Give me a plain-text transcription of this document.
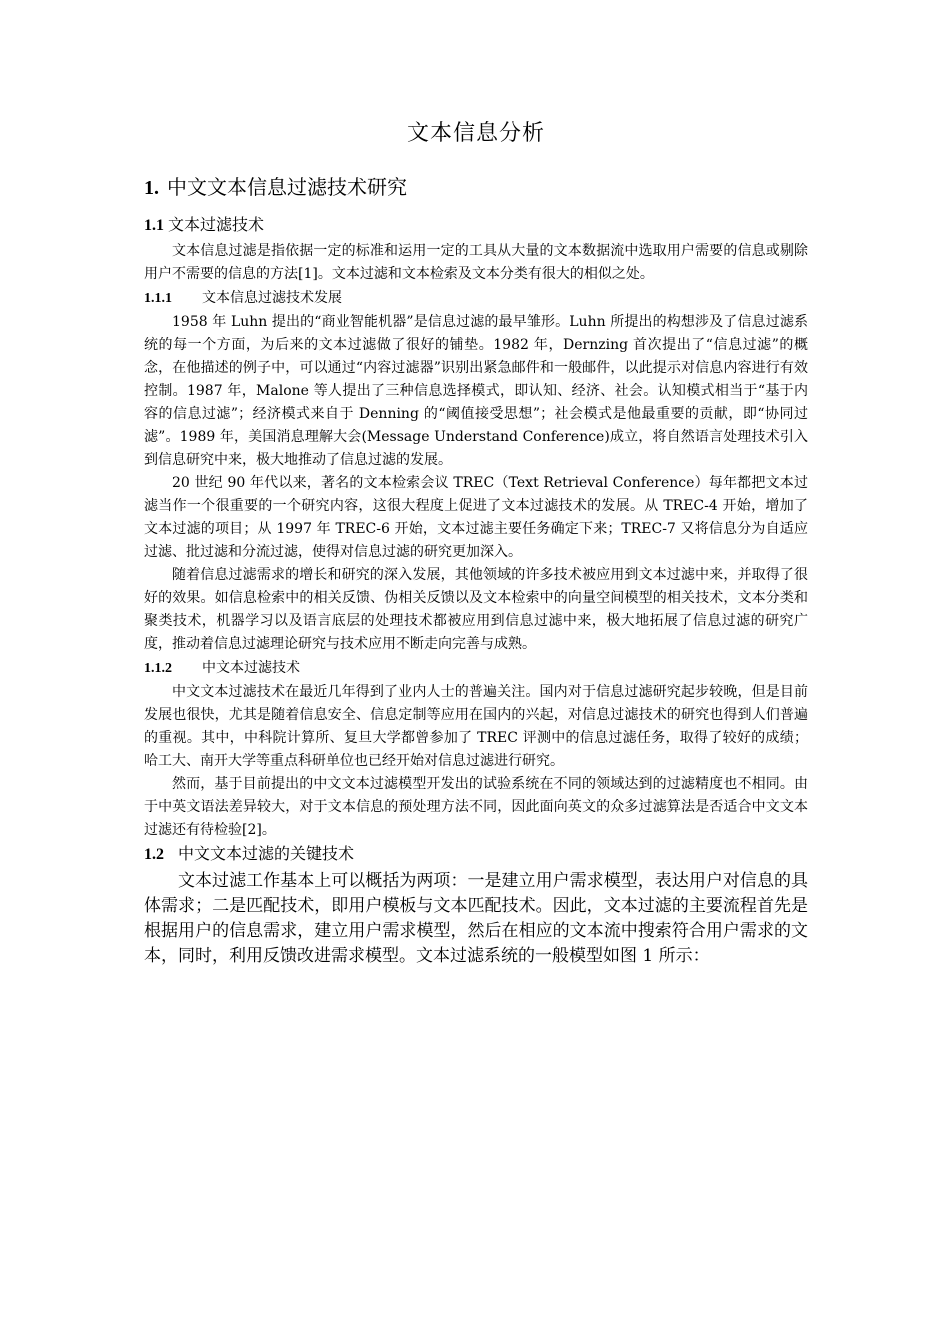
文本信息分析
1. 中文文本信息过滤技术研究
1.1 文本过滤技术

文本信息过滤是指依据一定的标准和运用一定的工具从大量的文本数据流中选取用户需要的信息或剔除用户不需要的信息的方法[1]。文本过滤和文本检索及文本分类有很大的相似之处。

1.1.1 文本信息过滤技术发展

1958 年 Luhn 提出的“商业智能机器”是信息过滤的最早雏形。Luhn 所提出的构想涉及了信息过滤系统的每一个方面，为后来的文本过滤做了很好的铺垫。1982 年，Dernzing 首次提出了“信息过滤”的概念，在他描述的例子中，可以通过“内容过滤器”识别出紧急邮件和一般邮件，以此提示对信息内容进行有效控制。1987 年，Malone 等人提出了三种信息选择模式，即认知、经济、社会。认知模式相当于“基于内容的信息过滤”；经济模式来自于 Denning 的“阈值接受思想”；社会模式是他最重要的贡献，即“协同过滤”。1989 年，美国消息理解大会(Message Understand Conference)成立，将自然语言处理技术引入到信息研究中来，极大地推动了信息过滤的发展。

20 世纪 90 年代以来，著名的文本检索会议 TREC（Text Retrieval Conference）每年都把文本过滤当作一个很重要的一个研究内容，这很大程度上促进了文本过滤技术的发展。从 TREC-4 开始，增加了文本过滤的项目；从 1997 年 TREC-6 开始，文本过滤主要任务确定下来；TREC-7 又将信息分为自适应过滤、批过滤和分流过滤，使得对信息过滤的研究更加深入。

随着信息过滤需求的增长和研究的深入发展，其他领域的许多技术被应用到文本过滤中来，并取得了很好的效果。如信息检索中的相关反馈、伪相关反馈以及文本检索中的向量空间模型的相关技术，文本分类和聚类技术，机器学习以及语言底层的处理技术都被应用到信息过滤中来，极大地拓展了信息过滤的研究广度，推动着信息过滤理论研究与技术应用不断走向完善与成熟。

1.1.2 中文本过滤技术

中文文本过滤技术在最近几年得到了业内人士的普遍关注。国内对于信息过滤研究起步较晚，但是目前发展也很快，尤其是随着信息安全、信息定制等应用在国内的兴起，对信息过滤技术的研究也得到人们普遍的重视。其中，中科院计算所、复旦大学都曾参加了 TREC 评测中的信息过滤任务，取得了较好的成绩；哈工大、南开大学等重点科研单位也已经开始对信息过滤进行研究。

然而，基于目前提出的中文文本过滤模型开发出的试验系统在不同的领域达到的过滤精度也不相同。由于中英文语法差异较大，对于文本信息的预处理方法不同，因此面向英文的众多过滤算法是否适合中文文本过滤还有待检验[2]。

1.2 中文文本过滤的关键技术

文本过滤工作基本上可以概括为两项：一是建立用户需求模型，表达用户对信息的具体需求；二是匹配技术，即用户模板与文本匹配技术。因此，文本过滤的主要流程首先是根据用户的信息需求，建立用户需求模型，然后在相应的文本流中搜索符合用户需求的文本，同时，利用反馈改进需求模型。文本过滤系统的一般模型如图 1 所示：
